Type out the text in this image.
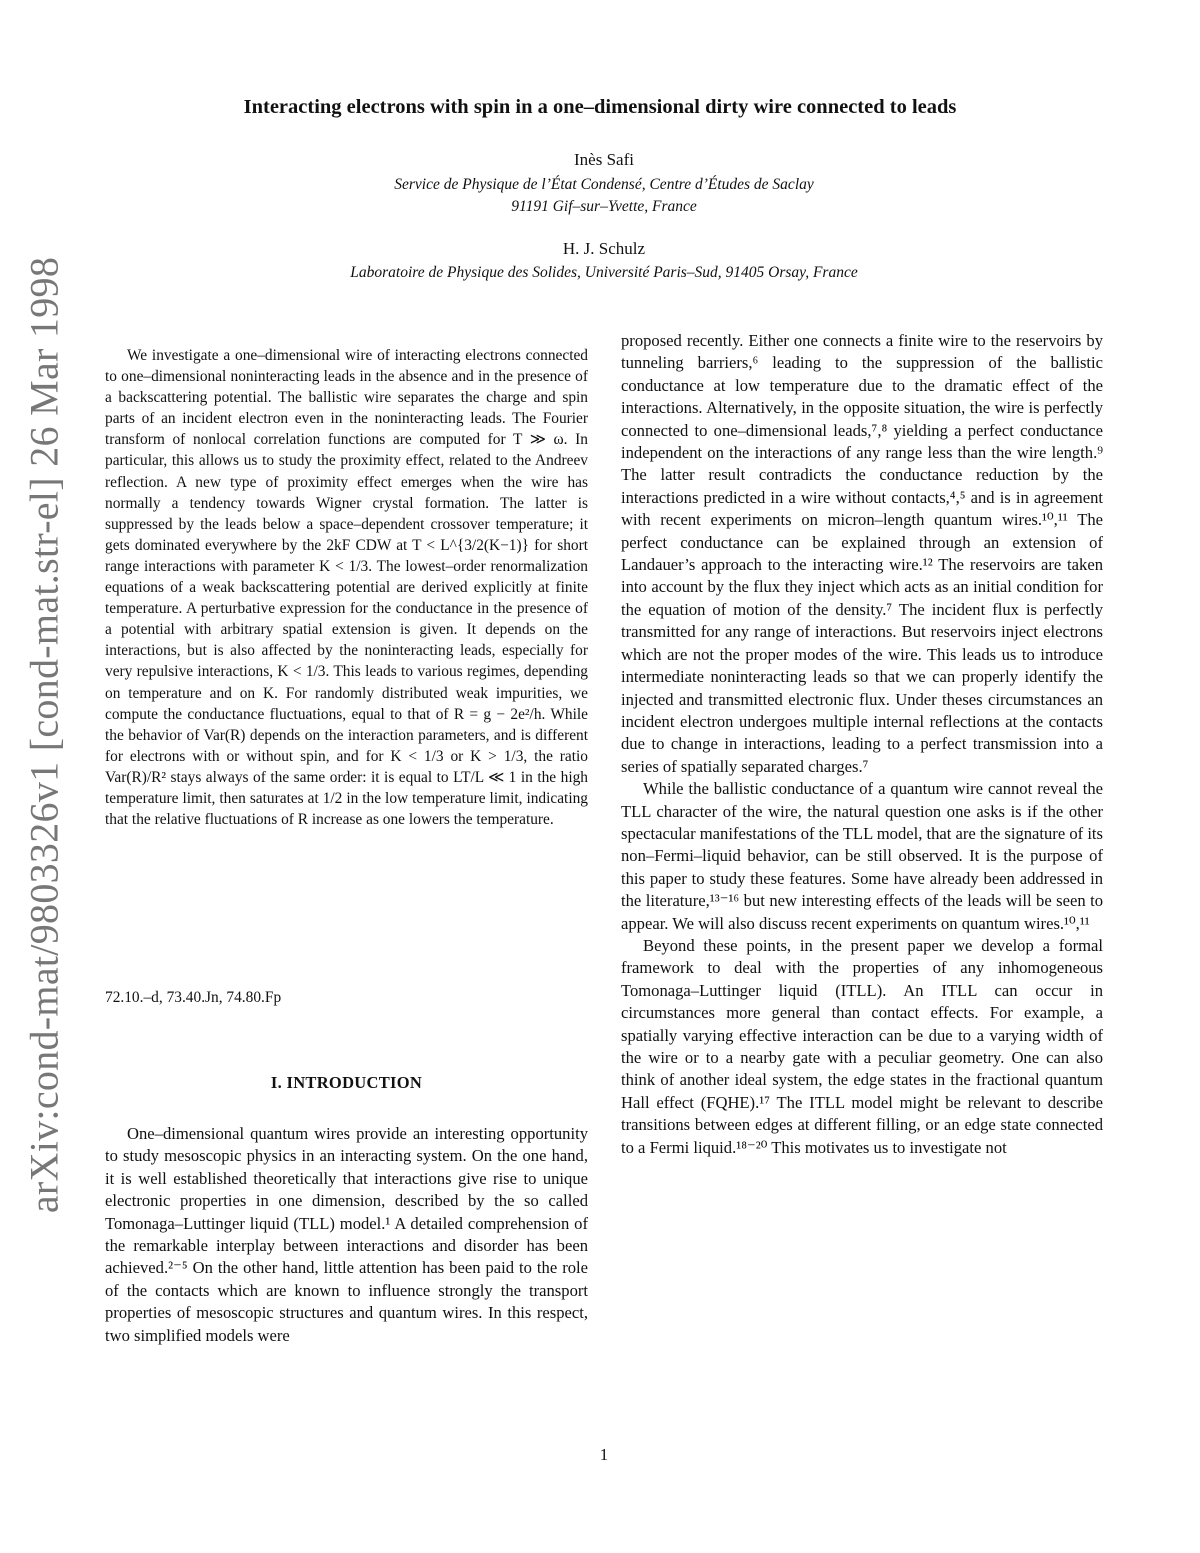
arXiv:cond-mat/9803326v1 [cond-mat.str-el] 26 Mar 1998
Interacting electrons with spin in a one–dimensional dirty wire connected to leads
Inès Safi
Service de Physique de l’État Condensé, Centre d’Études de Saclay
91191 Gif–sur–Yvette, France
H. J. Schulz
Laboratoire de Physique des Solides, Université Paris–Sud, 91405 Orsay, France

We investigate a one–dimensional wire of interacting electrons connected to one–dimensional noninteracting leads in the absence and in the presence of a backscattering potential. The ballistic wire separates the charge and spin parts of an incident electron even in the noninteracting leads. The Fourier transform of nonlocal correlation functions are computed for T ≫ ω. In particular, this allows us to study the proximity effect, related to the Andreev reflection. A new type of proximity effect emerges when the wire has normally a tendency towards Wigner crystal formation. The latter is suppressed by the leads below a space–dependent crossover temperature; it gets dominated everywhere by the 2kF CDW at T < L^{3/2(K−1)} for short range interactions with parameter K < 1/3. The lowest–order renormalization equations of a weak backscattering potential are derived explicitly at finite temperature. A perturbative expression for the conductance in the presence of a potential with arbitrary spatial extension is given. It depends on the interactions, but is also affected by the noninteracting leads, especially for very repulsive interactions, K < 1/3. This leads to various regimes, depending on temperature and on K. For randomly distributed weak impurities, we compute the conductance fluctuations, equal to that of R = g − 2e²/h. While the behavior of Var(R) depends on the interaction parameters, and is different for electrons with or without spin, and for K < 1/3 or K > 1/3, the ratio Var(R)/R² stays always of the same order: it is equal to LT/L ≪ 1 in the high temperature limit, then saturates at 1/2 in the low temperature limit, indicating that the relative fluctuations of R increase as one lowers the temperature.

72.10.–d, 73.40.Jn, 74.80.Fp

I. INTRODUCTION

One–dimensional quantum wires provide an interesting opportunity to study mesoscopic physics in an interacting system. On the one hand, it is well established theoretically that interactions give rise to unique electronic properties in one dimension, described by the so called Tomonaga–Luttinger liquid (TLL) model.¹ A detailed comprehension of the remarkable interplay between interactions and disorder has been achieved.²⁻⁵ On the other hand, little attention has been paid to the role of the contacts which are known to influence strongly the transport properties of mesoscopic structures and quantum wires. In this respect, two simplified models were

proposed recently. Either one connects a finite wire to the reservoirs by tunneling barriers,⁶ leading to the suppression of the ballistic conductance at low temperature due to the dramatic effect of the interactions. Alternatively, in the opposite situation, the wire is perfectly connected to one–dimensional leads,⁷,⁸ yielding a perfect conductance independent on the interactions of any range less than the wire length.⁹ The latter result contradicts the conductance reduction by the interactions predicted in a wire without contacts,⁴,⁵ and is in agreement with recent experiments on micron–length quantum wires.¹⁰,¹¹ The perfect conductance can be explained through an extension of Landauer’s approach to the interacting wire.¹² The reservoirs are taken into account by the flux they inject which acts as an initial condition for the equation of motion of the density.⁷ The incident flux is perfectly transmitted for any range of interactions. But reservoirs inject electrons which are not the proper modes of the wire. This leads us to introduce intermediate noninteracting leads so that we can properly identify the injected and transmitted electronic flux. Under theses circumstances an incident electron undergoes multiple internal reflections at the contacts due to change in interactions, leading to a perfect transmission into a series of spatially separated charges.⁷

While the ballistic conductance of a quantum wire cannot reveal the TLL character of the wire, the natural question one asks is if the other spectacular manifestations of the TLL model, that are the signature of its non–Fermi–liquid behavior, can be still observed. It is the purpose of this paper to study these features. Some have already been addressed in the literature,¹³⁻¹⁶ but new interesting effects of the leads will be seen to appear. We will also discuss recent experiments on quantum wires.¹⁰,¹¹

Beyond these points, in the present paper we develop a formal framework to deal with the properties of any inhomogeneous Tomonaga–Luttinger liquid (ITLL). An ITLL can occur in circumstances more general than contact effects. For example, a spatially varying effective interaction can be due to a varying width of the wire or to a nearby gate with a peculiar geometry. One can also think of another ideal system, the edge states in the fractional quantum Hall effect (FQHE).¹⁷ The ITLL model might be relevant to describe transitions between edges at different filling, or an edge state connected to a Fermi liquid.¹⁸⁻²⁰ This motivates us to investigate not

1
